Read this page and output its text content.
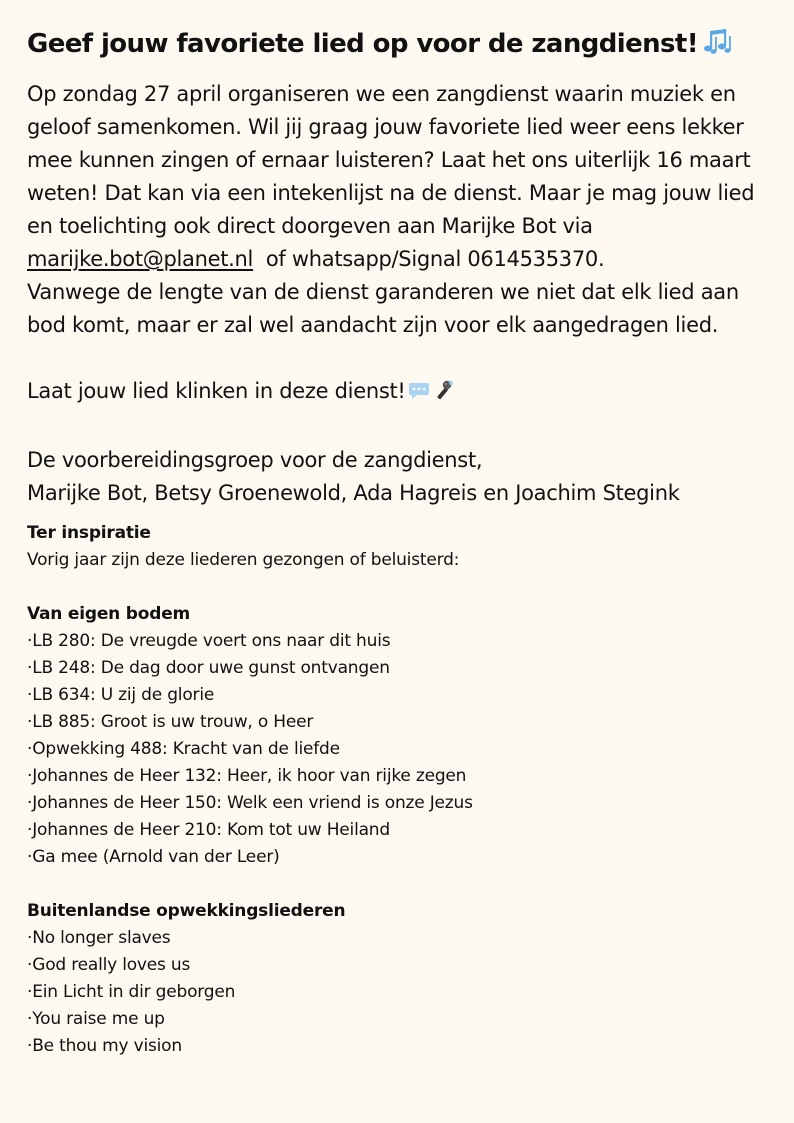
Geef jouw favoriete lied op voor de zangdienst!

Op zondag 27 april organiseren we een zangdienst waarin muziek en geloof samenkomen. Wil jij graag jouw favoriete lied weer eens lekker mee kunnen zingen of ernaar luisteren? Laat het ons uiterlijk 16 maart weten! Dat kan via een intekenlijst na de dienst. Maar je mag jouw lied en toelichting ook direct doorgeven aan Marijke Bot via marijke.bot@planet.nl of whatsapp/Signal 0614535370.

Vanwege de lengte van de dienst garanderen we niet dat elk lied aan bod komt, maar er zal wel aandacht zijn voor elk aangedragen lied.

Laat jouw lied klinken in deze dienst!

De voorbereidingsgroep voor de zangdienst,

Marijke Bot, Betsy Groenewold, Ada Hagreis en Joachim Stegink

Ter inspiratie
Vorig jaar zijn deze liederen gezongen of beluisterd:
Van eigen bodem
·LB 280: De vreugde voert ons naar dit huis
·LB 248: De dag door uwe gunst ontvangen
·LB 634: U zij de glorie
·LB 885: Groot is uw trouw, o Heer
·Opwekking 488: Kracht van de liefde
·Johannes de Heer 132: Heer, ik hoor van rijke zegen
·Johannes de Heer 150: Welk een vriend is onze Jezus
·Johannes de Heer 210: Kom tot uw Heiland
·Ga mee (Arnold van der Leer)
Buitenlandse opwekkingsliederen
·No longer slaves
·God really loves us
·Ein Licht in dir geborgen
·You raise me up
·Be thou my vision
